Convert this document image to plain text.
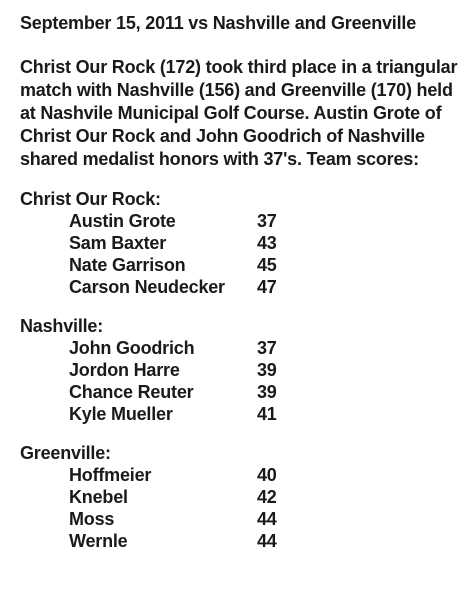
September 15, 2011 vs Nashville and Greenville

Christ Our Rock (172) took third place in a triangular match with Nashville (156) and Greenville (170) held at Nashvile Municipal Golf Course. Austin Grote of Christ Our Rock and John Goodrich of Nashville shared medalist honors with 37's. Team scores:

Christ Our Rock:
Austin Grote	37
Sam Baxter	43
Nate Garrison	45
Carson Neudecker 47
Nashville:
John Goodrich	37
Jordon Harre	39
Chance Reuter	39
Kyle Mueller	41
Greenville:
Hoffmeier	40
Knebel	42
Moss	44
Wernle	44
